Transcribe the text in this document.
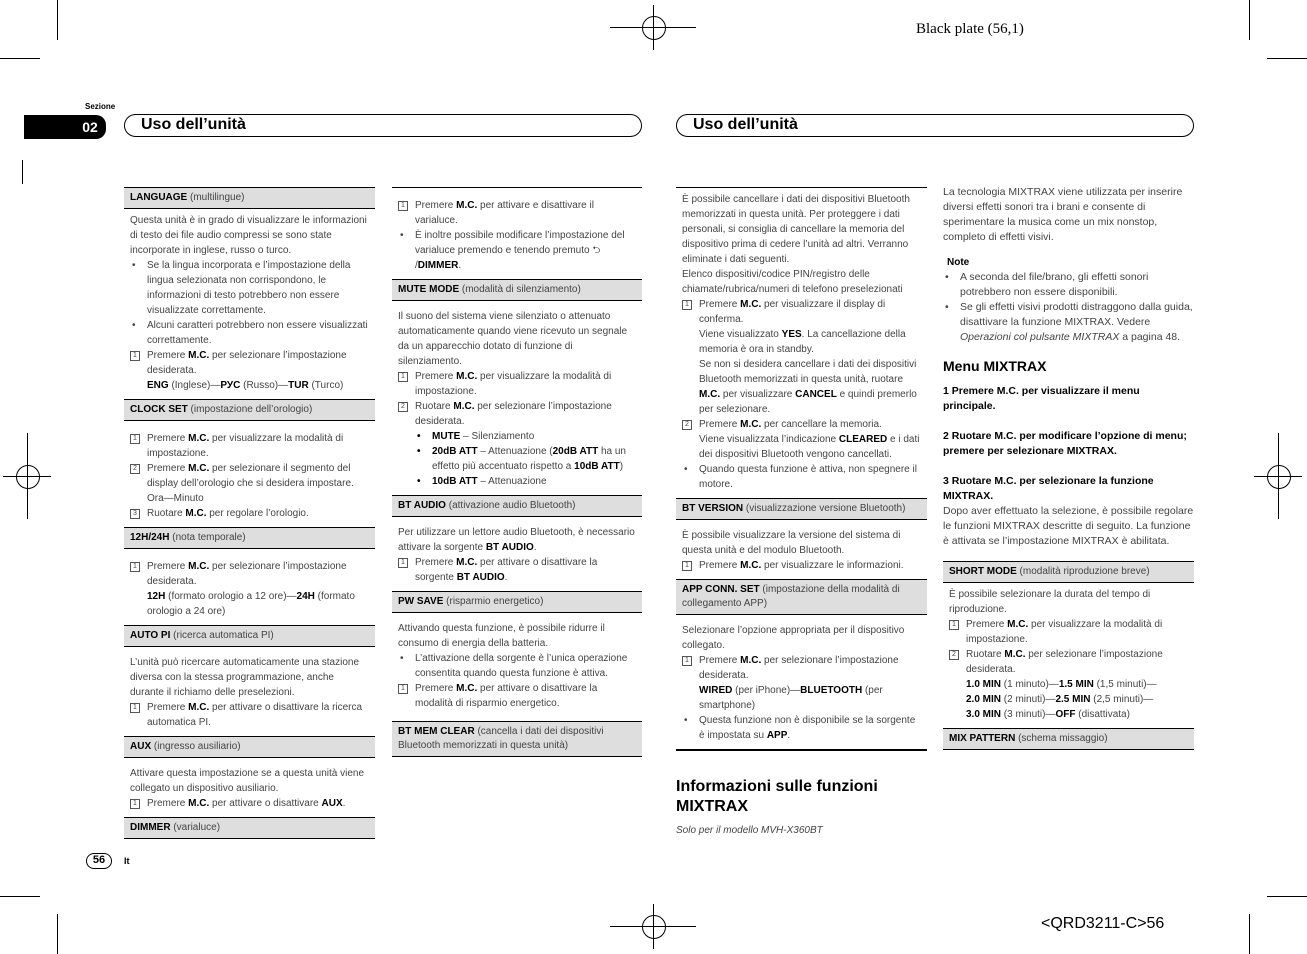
Black plate (56,1)
<QRD3211-C>56
Sezione
02	Uso dell’unità	Uso dell’unità
56	It
LANGUAGE (multilingue)
Questa unità è in grado di visualizzare le informazioni di testo dei file audio compressi se sono state incorporate in inglese, russo o turco.
• Se la lingua incorporata e l’impostazione della lingua selezionata non corrispondono, le informazioni di testo potrebbero non essere visualizzate correttamente.
• Alcuni caratteri potrebbero non essere visualizzati correttamente.
1	Premere M.C. per selezionare l’impostazione desiderata.
ENG (Inglese)—РУС (Russo)—TUR (Turco)
CLOCK SET (impostazione dell’orologio)
1	Premere M.C. per visualizzare la modalità di impostazione.
2	Premere M.C. per selezionare il segmento del display dell’orologio che si desidera impostare.
Ora—Minuto
3	Ruotare M.C. per regolare l’orologio.
12H/24H (nota temporale)
1	Premere M.C. per selezionare l’impostazione desiderata.
12H (formato orologio a 12 ore)—24H (formato orologio a 24 ore)
AUTO PI (ricerca automatica PI)
L’unità può ricercare automaticamente una stazione diversa con la stessa programmazione, anche durante il richiamo delle preselezioni.
1	Premere M.C. per attivare o disattivare la ricerca automatica PI.
AUX (ingresso ausiliario)
Attivare questa impostazione se a questa unità viene collegato un dispositivo ausiliario.
1	Premere M.C. per attivare o disattivare AUX.
DIMMER (varialuce)
1	Premere M.C. per attivare e disattivare il varialuce.
• È inoltre possibile modificare l’impostazione del varialuce premendo e tenendo premuto ⮌
/DIMMER.
MUTE MODE (modalità di silenziamento)
Il suono del sistema viene silenziato o attenuato automaticamente quando viene ricevuto un segnale da un apparecchio dotato di funzione di silenziamento.
1	Premere M.C. per visualizzare la modalità di impostazione.
2	Ruotare M.C. per selezionare l’impostazione desiderata.
• MUTE – Silenziamento
• 20dB ATT – Attenuazione (20dB ATT ha un effetto più accentuato rispetto a 10dB ATT)
• 10dB ATT – Attenuazione
BT AUDIO (attivazione audio Bluetooth)
Per utilizzare un lettore audio Bluetooth, è necessario attivare la sorgente BT AUDIO.
1	Premere M.C. per attivare o disattivare la sorgente BT AUDIO.
PW SAVE (risparmio energetico)
Attivando questa funzione, è possibile ridurre il consumo di energia della batteria.
• L’attivazione della sorgente è l’unica operazione consentita quando questa funzione è attiva.
1	Premere M.C. per attivare o disattivare la modalità di risparmio energetico.
BT MEM CLEAR (cancella i dati dei dispositivi Bluetooth memorizzati in questa unità)
È possibile cancellare i dati dei dispositivi Bluetooth memorizzati in questa unità. Per proteggere i dati personali, si consiglia di cancellare la memoria del dispositivo prima di cedere l’unità ad altri. Verranno eliminate i dati seguenti.
Elenco dispositivi/codice PIN/registro delle chiamate/rubrica/numeri di telefono preselezionati
1	Premere M.C. per visualizzare il display di conferma.
Viene visualizzato YES. La cancellazione della memoria è ora in standby.
Se non si desidera cancellare i dati dei dispositivi Bluetooth memorizzati in questa unità, ruotare M.C. per visualizzare CANCEL e quindi premerlo per selezionare.
2	Premere M.C. per cancellare la memoria.
Viene visualizzata l’indicazione CLEARED e i dati dei dispositivi Bluetooth vengono cancellati.
• Quando questa funzione è attiva, non spegnere il motore.
BT VERSION (visualizzazione versione Bluetooth)
È possibile visualizzare la versione del sistema di questa unità e del modulo Bluetooth.
1	Premere M.C. per visualizzare le informazioni.
APP CONN. SET (impostazione della modalità di collegamento APP)
Selezionare l’opzione appropriata per il dispositivo collegato.
1	Premere M.C. per selezionare l’impostazione desiderata.
WIRED (per iPhone)—BLUETOOTH (per smartphone)
• Questa funzione non è disponibile se la sorgente è impostata su APP.
Informazioni sulle funzioni MIXTRAX
Solo per il modello MVH-X360BT
La tecnologia MIXTRAX viene utilizzata per inserire diversi effetti sonori tra i brani e consente di sperimentare la musica come un mix nonstop, completo di effetti visivi.
Note
• A seconda del file/brano, gli effetti sonori potrebbero non essere disponibili.
• Se gli effetti visivi prodotti distraggono dalla guida, disattivare la funzione MIXTRAX. Vedere Operazioni col pulsante MIXTRAX a pagina 48.
Menu MIXTRAX
1 Premere M.C. per visualizzare il menu principale.
2 Ruotare M.C. per modificare l’opzione di menu; premere per selezionare MIXTRAX.
3 Ruotare M.C. per selezionare la funzione MIXTRAX.
Dopo aver effettuato la selezione, è possibile regolare le funzioni MIXTRAX descritte di seguito. La funzione è attivata se l’impostazione MIXTRAX è abilitata.
SHORT MODE (modalità riproduzione breve)
È possibile selezionare la durata del tempo di riproduzione.
1	Premere M.C. per visualizzare la modalità di impostazione.
2	Ruotare M.C. per selezionare l’impostazione desiderata.
1.0 MIN (1 minuto)—1.5 MIN (1,5 minuti)—
2.0 MIN (2 minuti)—2.5 MIN (2,5 minuti)—
3.0 MIN (3 minuti)—OFF (disattivata)
MIX PATTERN (schema missaggio)
